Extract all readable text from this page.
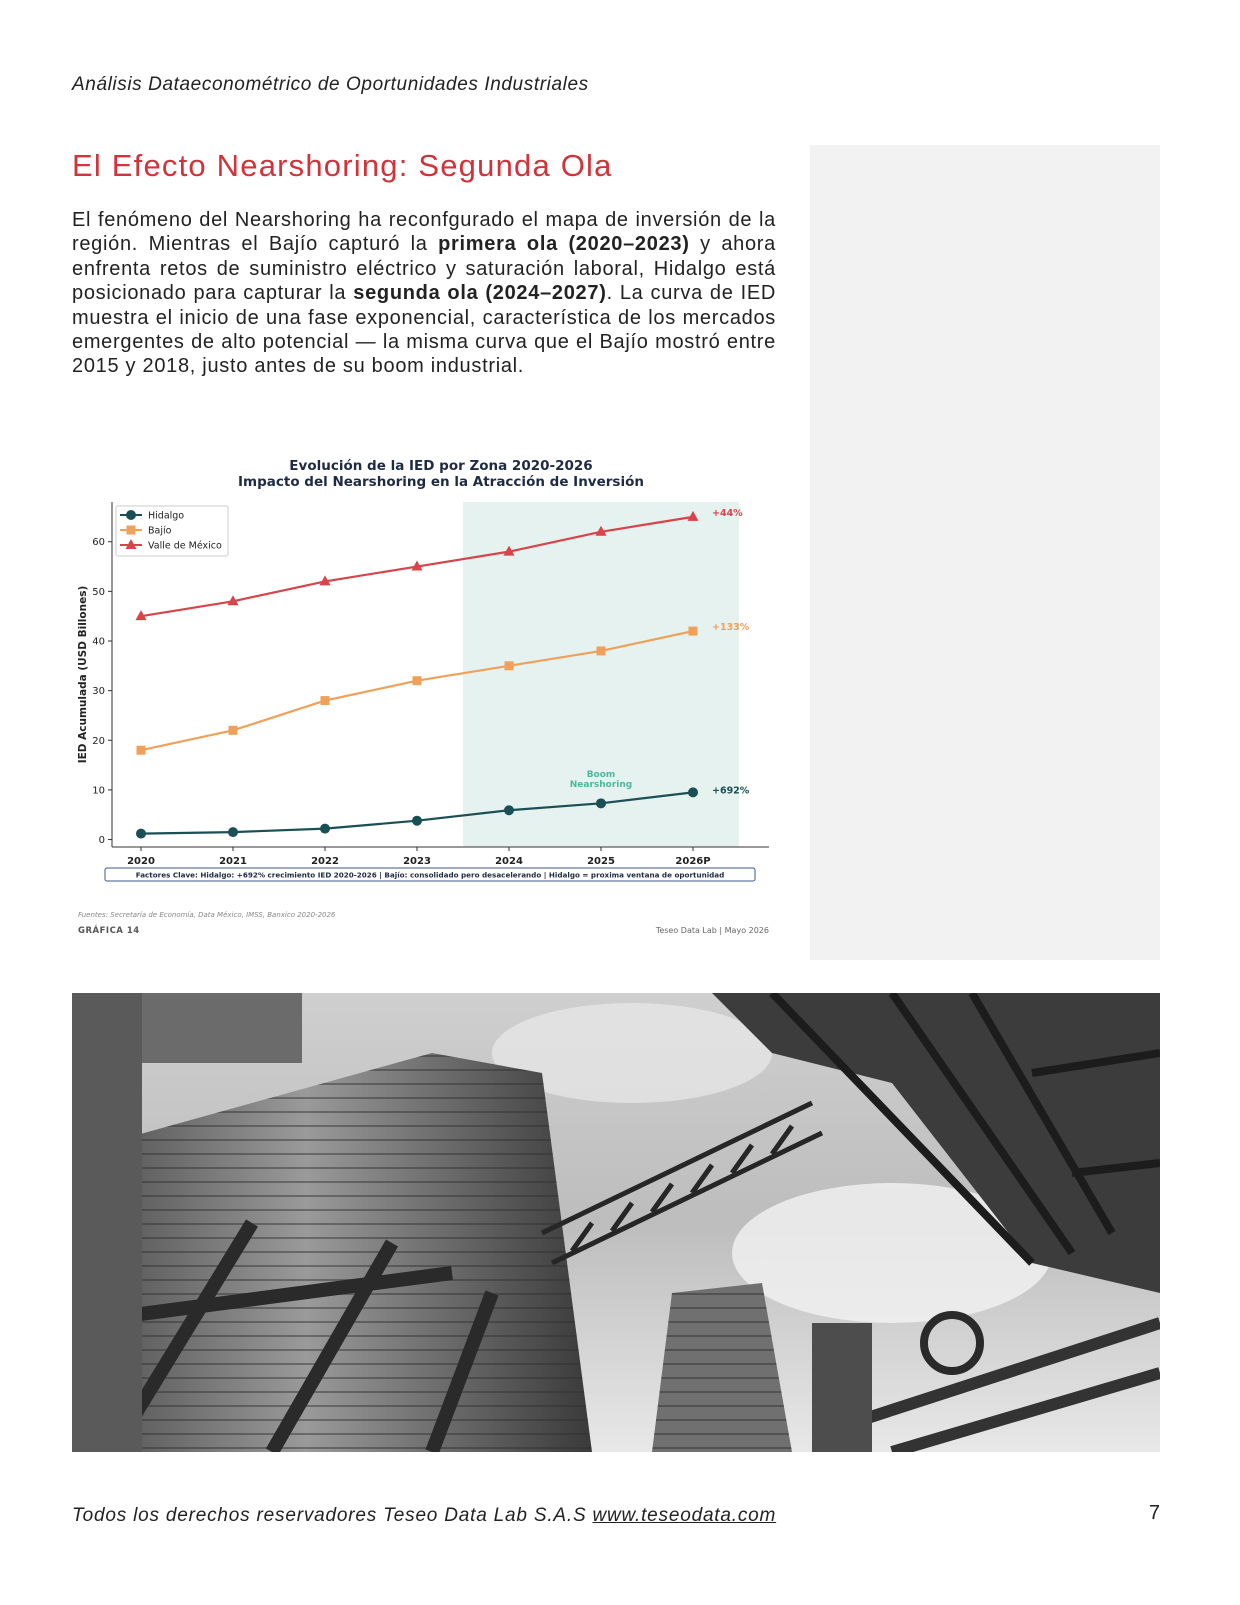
Análisis Dataeconométrico de Oportunidades Industriales
El Efecto Nearshoring: Segunda Ola

El fenómeno del Nearshoring ha reconfgurado el mapa de inversión de la región. Mientras el Bajío capturó la primera ola (2020–2023) y ahora enfrenta retos de suministro eléctrico y saturación laboral, Hidalgo está posicionado para capturar la segunda ola (2024–2027). La curva de IED muestra el inicio de una fase exponencial, característica de los mercados emergentes de alto potencial — la misma curva que el Bajío mostró entre 2015 y 2018, justo antes de su boom industrial.

Evolución de la IED por Zona 2020-2026
Impacto del Nearshoring en la Atracción de Inversión
Boom
Nearshoring
0
10
20
30
40
50
60
2020	2021	2022	2023	2024	2025	2026P
IED Acumulada (USD Billones)
+692%
+133%
+44%
Hidalgo
Bajío
Valle de México
Factores Clave: Hidalgo: +692% crecimiento IED 2020-2026 | Bajío: consolidado pero desacelerando | Hidalgo = proxima ventana de oportunidad
Fuentes: Secretaría de Economía, Data México, IMSS, Banxico 2020-2026
GRÁFICA 14	Teseo Data Lab | Mayo 2026
Todos los derechos reservadores Teseo Data Lab S.A.S www.teseodata.com	7
